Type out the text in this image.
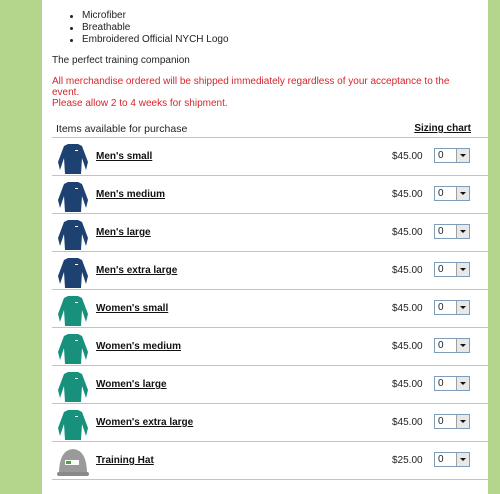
Microfiber
Breathable
Embroidered Official NYCH Logo
The perfect training companion
All merchandise ordered will be shipped immediately regardless of your acceptance to the event.
Please allow 2 to 4 weeks for shipment.
Items available for purchase	Sizing chart
Men's small	$45.00 0
Men's medium	$45.00 0
Men's large	$45.00 0
Men's extra large	$45.00 0
Women's small	$45.00 0
Women's medium	$45.00 0
Women's large	$45.00 0
Women's extra large	$45.00 0
Training Hat	$25.00 0
